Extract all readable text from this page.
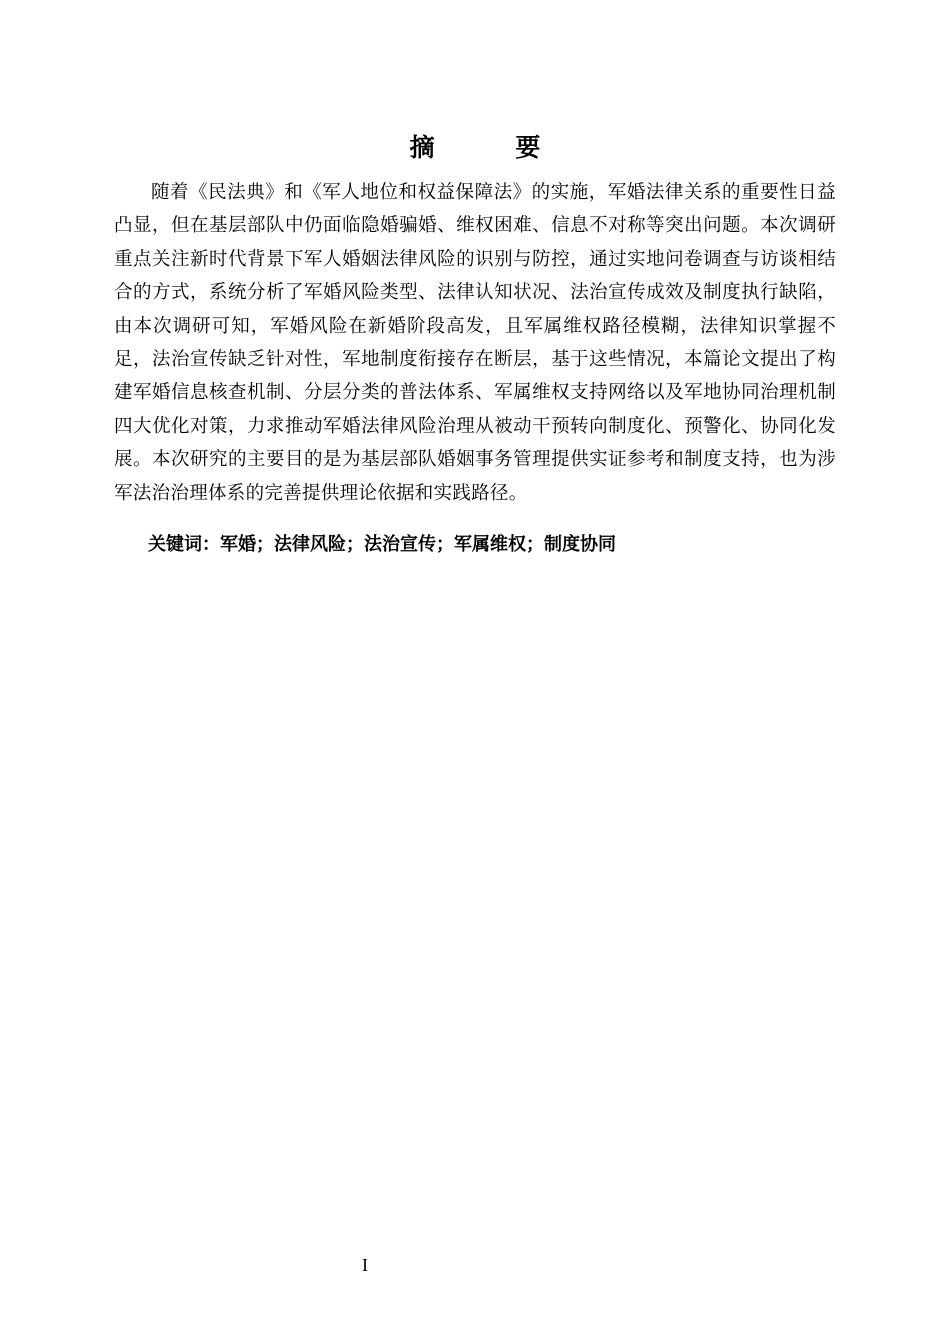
摘 要

随着《民法典》和《军人地位和权益保障法》的实施，军婚法律关系的重要性日益凸显，但在基层部队中仍面临隐婚骗婚、维权困难、信息不对称等突出问题。本次调研重点关注新时代背景下军人婚姻法律风险的识别与防控，通过实地问卷调查与访谈相结合的方式，系统分析了军婚风险类型、法律认知状况、法治宣传成效及制度执行缺陷，由本次调研可知，军婚风险在新婚阶段高发，且军属维权路径模糊，法律知识掌握不足，法治宣传缺乏针对性，军地制度衔接存在断层，基于这些情况，本篇论文提出了构建军婚信息核查机制、分层分类的普法体系、军属维权支持网络以及军地协同治理机制四大优化对策，力求推动军婚法律风险治理从被动干预转向制度化、预警化、协同化发展。本次研究的主要目的是为基层部队婚姻事务管理提供实证参考和制度支持，也为涉军法治治理体系的完善提供理论依据和实践路径。

关键词：军婚；法律风险；法治宣传；军属维权；制度协同
I
